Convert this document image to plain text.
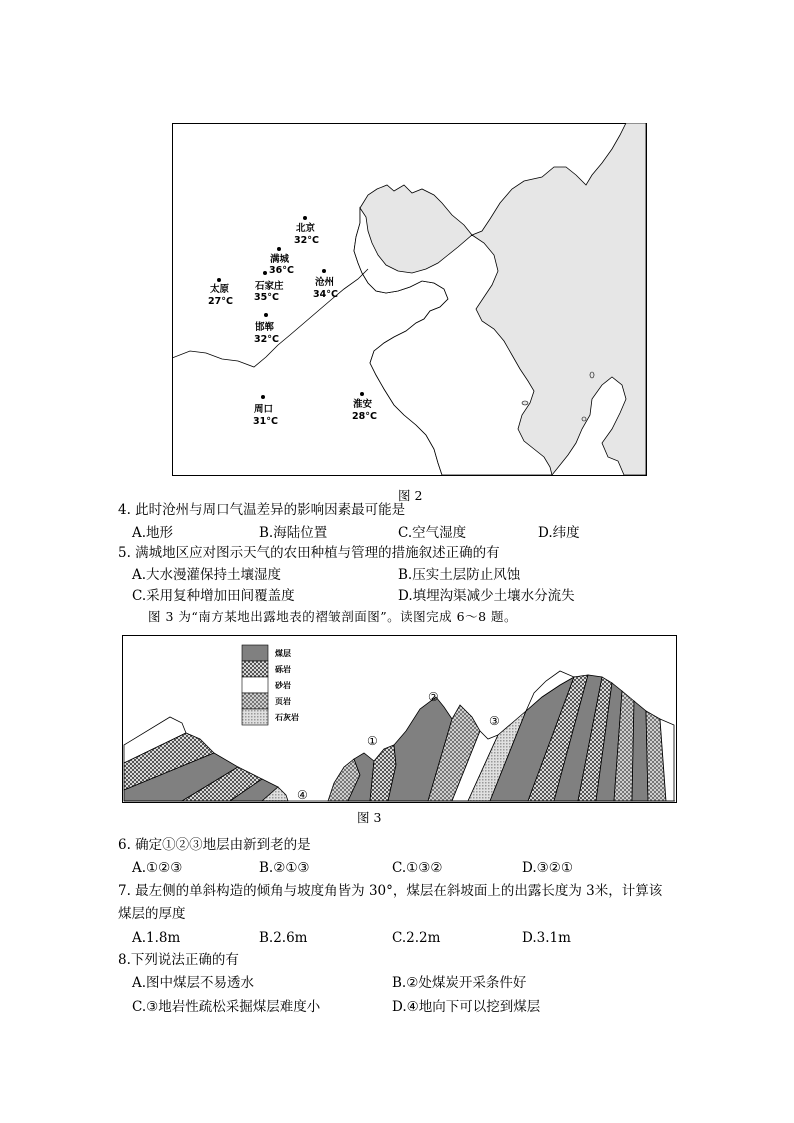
北京
32°C
满城
36°C
石家庄
35°C
太原
27°C
沧州
34°C
邯郸
32°C
周口
31°C
淮安
28°C
图 2
4. 此时沧州与周口气温差异的影响因素最可能是
A.地形	B.海陆位置	C.空气湿度	D.纬度
5. 满城地区应对图示天气的农田种植与管理的措施叙述正确的有
A.大水漫灌保持土壤湿度	B.压实土层防止风蚀
C.采用复种增加田间覆盖度	D.填埋沟渠减少土壤水分流失
图 3 为“南方某地出露地表的褶皱剖面图”。读图完成 6～8 题。
煤层
砾岩
砂岩
页岩
石灰岩
①
②
③
④
图 3
6. 确定①②③地层由新到老的是
A.①②③	B.②①③	C.①③②	D.③②①
7. 最左侧的单斜构造的倾角与坡度角皆为 30°，煤层在斜坡面上的出露长度为 3米，计算该
煤层的厚度
A.1.8m	B.2.6m	C.2.2m	D.3.1m
8.下列说法正确的有
A.图中煤层不易透水	B.②处煤炭开采条件好
C.③地岩性疏松采掘煤层难度小	D.④地向下可以挖到煤层
